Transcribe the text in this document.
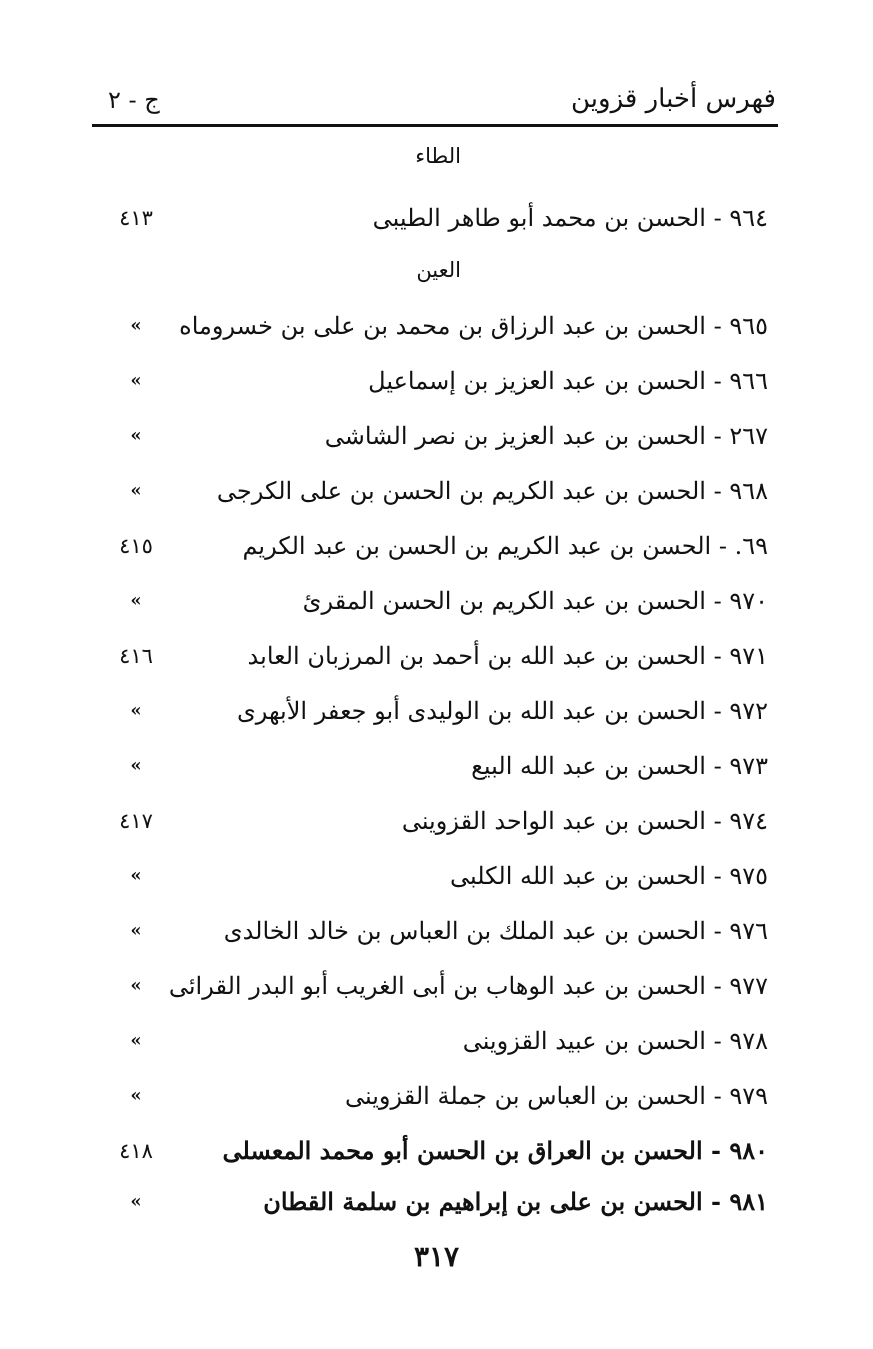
فهرس أخبار قزوين
ج - ٢
الطاء
٩٦٤ - الحسن بن محمد أبو طاهر الطيبى
٤١٣
العين
٩٦٥ - الحسن بن عبد الرزاق بن محمد بن على بن خسروماه
»
٩٦٦ - الحسن بن عبد العزيز بن إسماعيل
»
٢٦٧ - الحسن بن عبد العزيز بن نصر الشاشى
»
٩٦٨ - الحسن بن عبد الكريم بن الحسن بن على الكرجى
»
٦٩. - الحسن بن عبد الكريم بن الحسن بن عبد الكريم
٤١٥
٩٧٠ - الحسن بن عبد الكريم بن الحسن المقرئ
»
٩٧١ - الحسن بن عبد الله بن أحمد بن المرزبان العابد
٤١٦
٩٧٢ - الحسن بن عبد الله بن الوليدى أبو جعفر الأبهرى
»
٩٧٣ - الحسن بن عبد الله البيع
»
٩٧٤ - الحسن بن عبد الواحد القزوينى
٤١٧
٩٧٥ - الحسن بن عبد الله الكلبى
»
٩٧٦ - الحسن بن عبد الملك بن العباس بن خالد الخالدى
»
٩٧٧ - الحسن بن عبد الوهاب بن أبى الغريب أبو البدر القرائى
»
٩٧٨ - الحسن بن عبيد القزوينى
»
٩٧٩ - الحسن بن العباس بن جملة القزوينى
»
٩٨٠ - الحسن بن العراق بن الحسن أبو محمد المعسلى
٤١٨
٩٨١ - الحسن بن على بن إبراهيم بن سلمة القطان
»
٣١٧
